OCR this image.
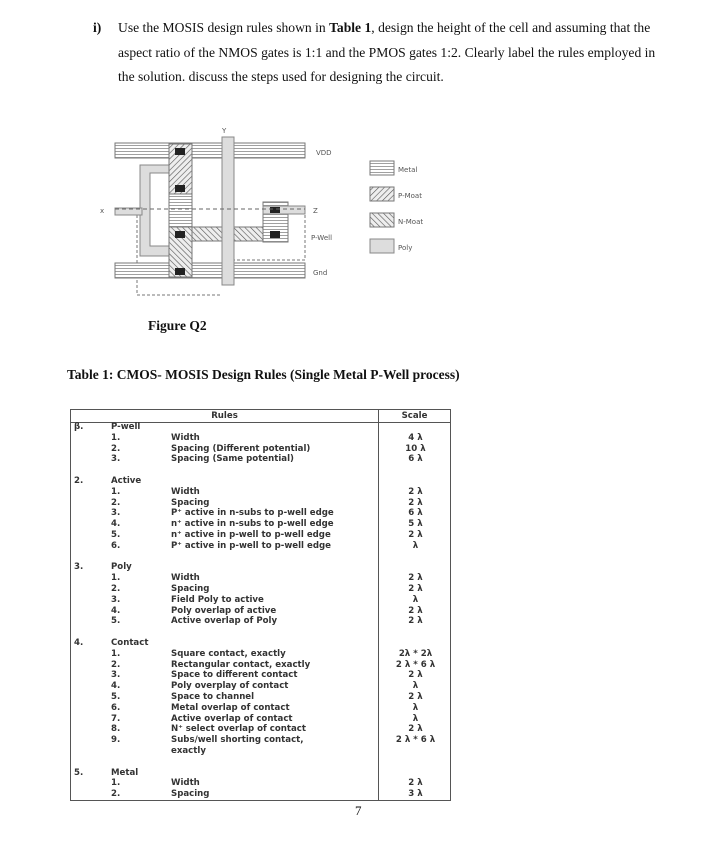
i) Use the MOSIS design rules shown in Table 1, design the height of the cell and assuming that the aspect ratio of the NMOS gates is 1:1 and the PMOS gates 1:2. Clearly label the rules employed in the solution. discuss the steps used for designing the circuit.
Y
x	Z
VDD
Gnd
P-Well
Metal
P-Moat
N-Moat
Poly
Figure Q2
Table 1: CMOS- MOSIS Design Rules (Single Metal P-Well process)
Rules	Scale
β.	P-well
1.	Width	4 λ
2.	Spacing (Different potential)	10 λ
3.	Spacing (Same potential)	6 λ
2.	Active
1.	Width	2 λ
2.	Spacing	2 λ
3.	P⁺ active in n-subs to p-well edge	6 λ
4.	n⁺ active in n-subs to p-well edge	5 λ
5.	n⁺ active in p-well to p-well edge	2 λ
6.	P⁺ active in p-well to p-well edge	λ
3.	Poly
1.	Width	2 λ
2.	Spacing	2 λ
3.	Field Poly to active	λ
4.	Poly overlap of active	2 λ
5.	Active overlap of Poly	2 λ
4.	Contact
1.	Square contact, exactly	2λ * 2λ
2.	Rectangular contact, exactly	2 λ * 6 λ
3.	Space to different contact	2 λ
4.	Poly overplay of contact	λ
5.	Space to channel	2 λ
6.	Metal overlap of contact	λ
7.	Active overlap of contact	λ
8.	N⁺ select overlap of contact	2 λ
9.	Subs/well shorting contact,	2 λ * 6 λ
exactly
5.	Metal
1.	Width	2 λ
2.	Spacing	3 λ
7
